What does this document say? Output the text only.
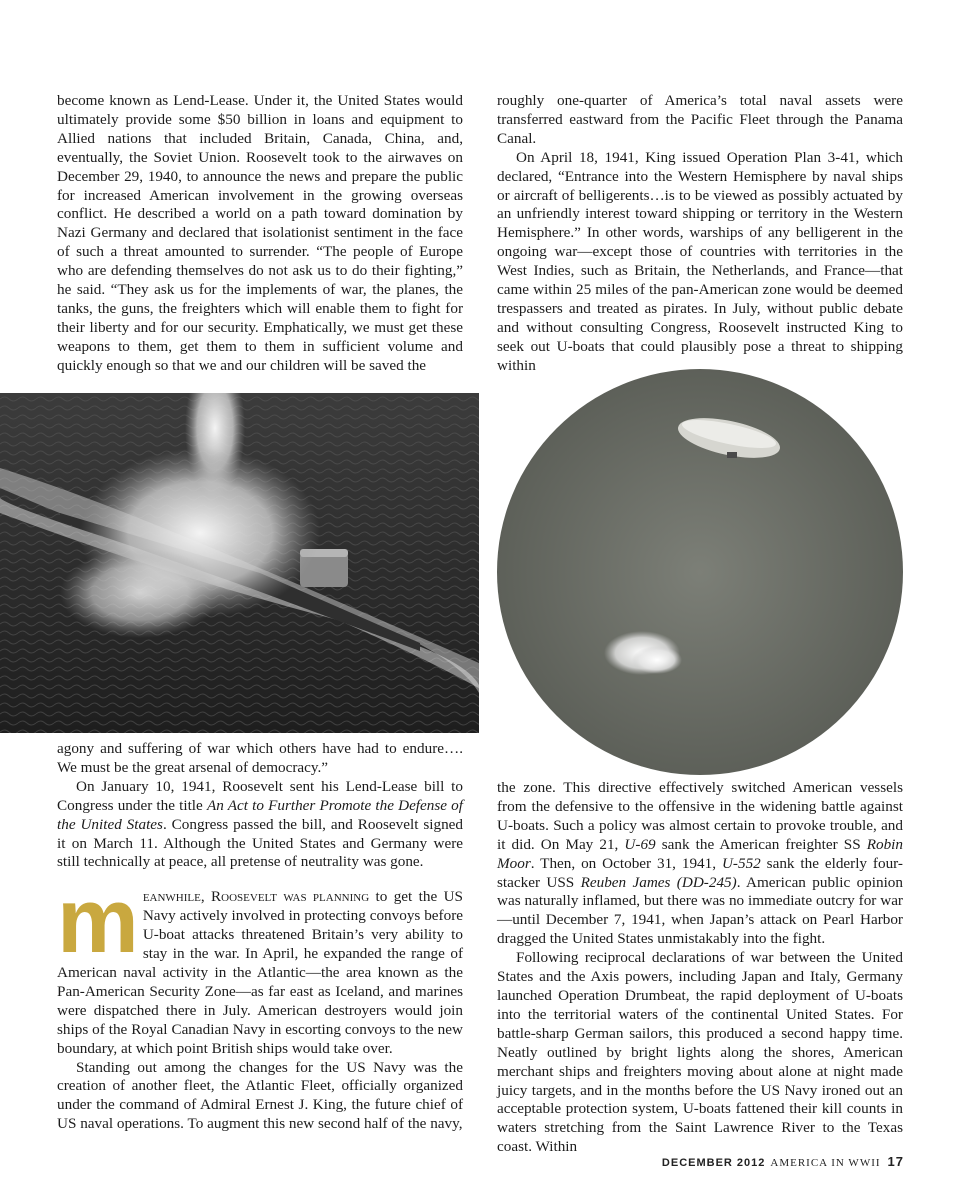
become known as Lend-Lease. Under it, the United States would ultimately provide some $50 billion in loans and equipment to Allied nations that included Britain, Canada, China, and, eventually, the Soviet Union. Roosevelt took to the airwaves on December 29, 1940, to announce the news and prepare the public for increased American involvement in the growing overseas conflict. He described a world on a path toward domination by Nazi Germany and declared that isolationist sentiment in the face of such a threat amounted to surrender. “The people of Europe who are defending themselves do not ask us to do their fighting,” he said. “They ask us for the implements of war, the planes, the tanks, the guns, the freighters which will enable them to fight for their liberty and for our security. Emphatically, we must get these weapons to them, get them to them in sufficient volume and quickly enough so that we and our children will be saved the

roughly one-quarter of America’s total naval assets were transferred eastward from the Pacific Fleet through the Panama Canal.

On April 18, 1941, King issued Operation Plan 3-41, which declared, “Entrance into the Western Hemisphere by naval ships or aircraft of belligerents…is to be viewed as possibly actuated by an unfriendly interest toward shipping or territory in the Western Hemisphere.” In other words, warships of any belligerent in the ongoing war—except those of countries with territories in the West Indies, such as Britain, the Netherlands, and France—that came within 25 miles of the pan-American zone would be deemed trespassers and treated as pirates. In July, without public debate and without consulting Congress, Roosevelt instructed King to seek out U-boats that could plausibly pose a threat to shipping within

agony and suffering of war which others have had to endure…. We must be the great arsenal of democracy.”

On January 10, 1941, Roosevelt sent his Lend-Lease bill to Congress under the title An Act to Further Promote the Defense of the United States. Congress passed the bill, and Roosevelt signed it on March 11. Although the United States and Germany were still technically at peace, all pretense of neutrality was gone.

meanwhile, Roosevelt was planning to get the US Navy actively involved in protecting convoys before U-boat attacks threatened Britain’s very ability to stay in the war. In April, he expanded the range of American naval activity in the Atlantic—the area known as the Pan-American Security Zone—as far east as Iceland, and marines were dispatched there in July. American destroyers would join ships of the Royal Canadian Navy in escorting convoys to the new boundary, at which point British ships would take over.

Standing out among the changes for the US Navy was the creation of another fleet, the Atlantic Fleet, officially organized under the command of Admiral Ernest J. King, the future chief of US naval operations. To augment this new second half of the navy,

the zone. This directive effectively switched American vessels from the defensive to the offensive in the widening battle against U-boats. Such a policy was almost certain to provoke trouble, and it did. On May 21, U-69 sank the American freighter SS Robin Moor. Then, on October 31, 1941, U-552 sank the elderly four-stacker USS Reuben James (DD-245). American public opinion was naturally inflamed, but there was no immediate outcry for war—until December 7, 1941, when Japan’s attack on Pearl Harbor dragged the United States unmistakably into the fight.

Following reciprocal declarations of war between the United States and the Axis powers, including Japan and Italy, Germany launched Operation Drumbeat, the rapid deployment of U-boats into the territorial waters of the continental United States. For battle-sharp German sailors, this produced a second happy time. Neatly outlined by bright lights along the shores, American merchant ships and freighters moving about alone at night made juicy targets, and in the months before the US Navy ironed out an acceptable protection system, U-boats fattened their kill counts in waters stretching from the Saint Lawrence River to the Texas coast. Within

DECEMBER 2012 AMERICA IN WWII 17
